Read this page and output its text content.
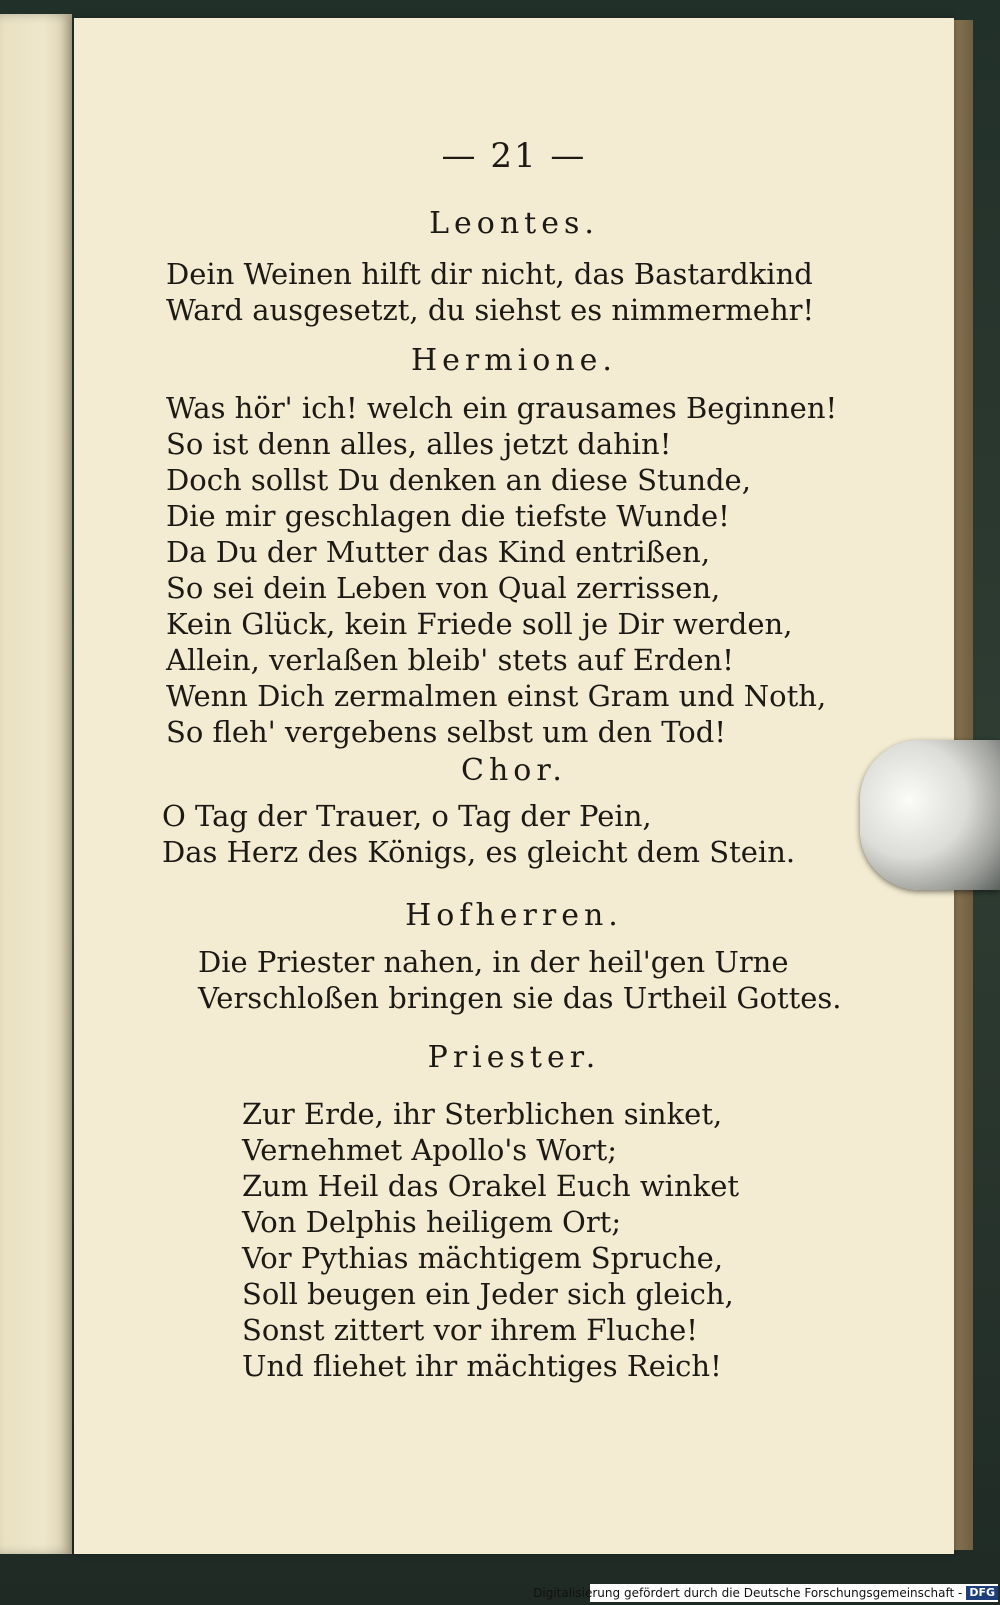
— 21 —
Leontes.
Dein Weinen hilft dir nicht, das Bastardkind
Ward ausgesetzt, du siehst es nimmermehr!
Hermione.
Was hör' ich! welch ein grausames Beginnen!
So ist denn alles, alles jetzt dahin!
Doch sollst Du denken an diese Stunde,
Die mir geschlagen die tiefste Wunde!
Da Du der Mutter das Kind entrißen,
So sei dein Leben von Qual zerrissen,
Kein Glück, kein Friede soll je Dir werden,
Allein, verlaßen bleib' stets auf Erden!
Wenn Dich zermalmen einst Gram und Noth,
So fleh' vergebens selbst um den Tod!
Chor.
O Tag der Trauer, o Tag der Pein,
Das Herz des Königs, es gleicht dem Stein.
Hofherren.
Die Priester nahen, in der heil'gen Urne
Verschloßen bringen sie das Urtheil Gottes.
Priester.
Zur Erde, ihr Sterblichen sinket,
Vernehmet Apollo's Wort;
Zum Heil das Orakel Euch winket
Von Delphis heiligem Ort;
Vor Pythias mächtigem Spruche,
Soll beugen ein Jeder sich gleich,
Sonst zittert vor ihrem Fluche!
Und fliehet ihr mächtiges Reich!
Digitalisierung gefördert durch die Deutsche Forschungsgemeinschaft - DFG
